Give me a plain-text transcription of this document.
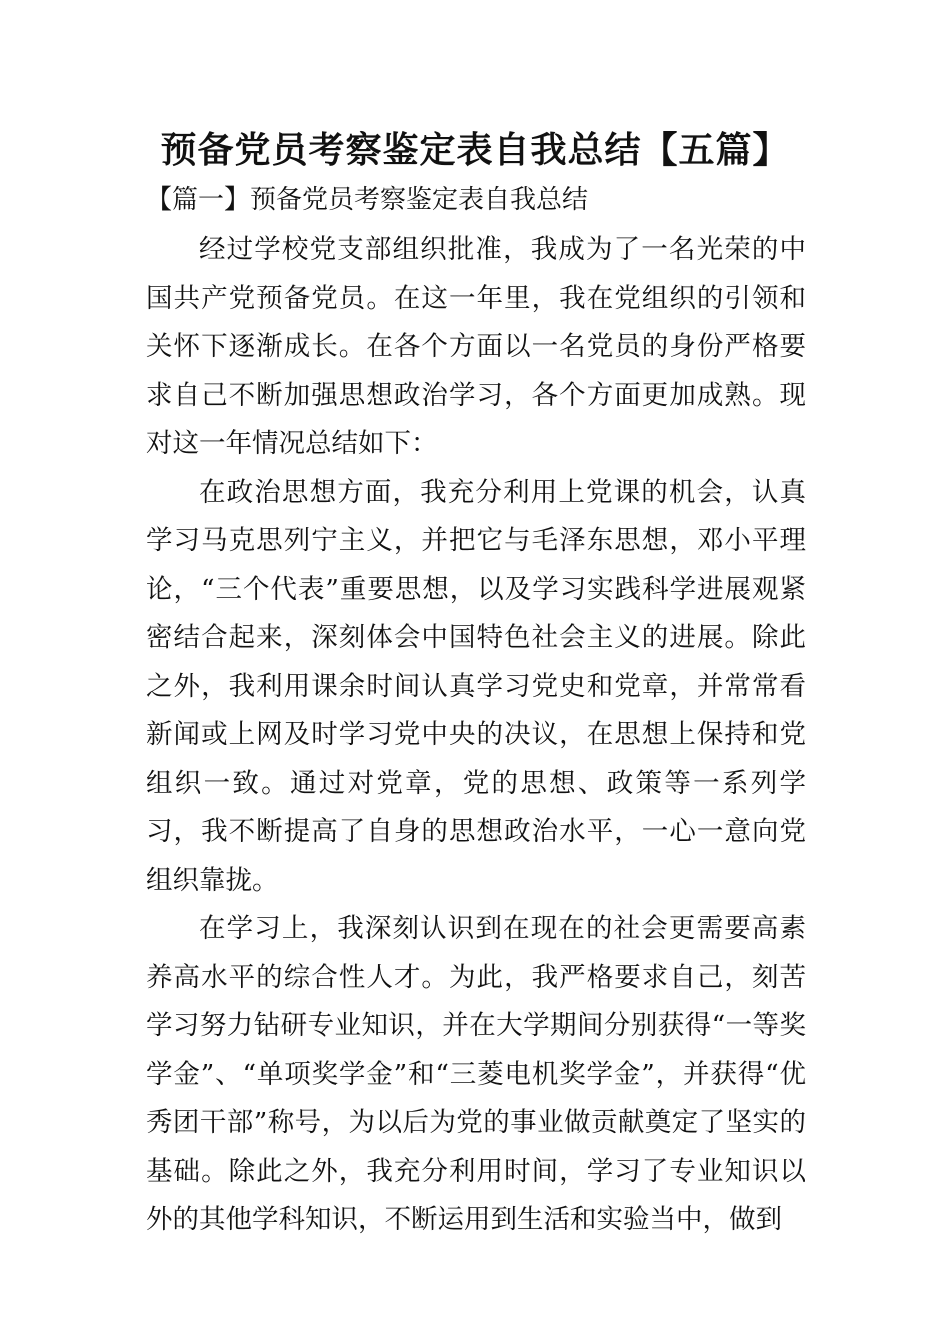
预备党员考察鉴定表自我总结【五篇】
【篇一】预备党员考察鉴定表自我总结

经过学校党支部组织批准，我成为了一名光荣的中国共产党预备党员。在这一年里，我在党组织的引领和关怀下逐渐成长。在各个方面以一名党员的身份严格要求自己不断加强思想政治学习，各个方面更加成熟。现对这一年情况总结如下：

在政治思想方面，我充分利用上党课的机会，认真学习马克思列宁主义，并把它与毛泽东思想，邓小平理论，“三个代表”重要思想，以及学习实践科学进展观紧密结合起来，深刻体会中国特色社会主义的进展。除此之外，我利用课余时间认真学习党史和党章，并常常看新闻或上网及时学习党中央的决议，在思想上保持和党组织一致。通过对党章，党的思想、政策等一系列学习，我不断提高了自身的思想政治水平，一心一意向党组织靠拢。

在学习上，我深刻认识到在现在的社会更需要高素养高水平的综合性人才。为此，我严格要求自己，刻苦学习努力钻研专业知识，并在大学期间分别获得“一等奖学金”、“单项奖学金”和“三菱电机奖学金”，并获得“优秀团干部”称号，为以后为党的事业做贡献奠定了坚实的基础。除此之外，我充分利用时间，学习了专业知识以外的其他学科知识，不断运用到生活和实验当中，做到
